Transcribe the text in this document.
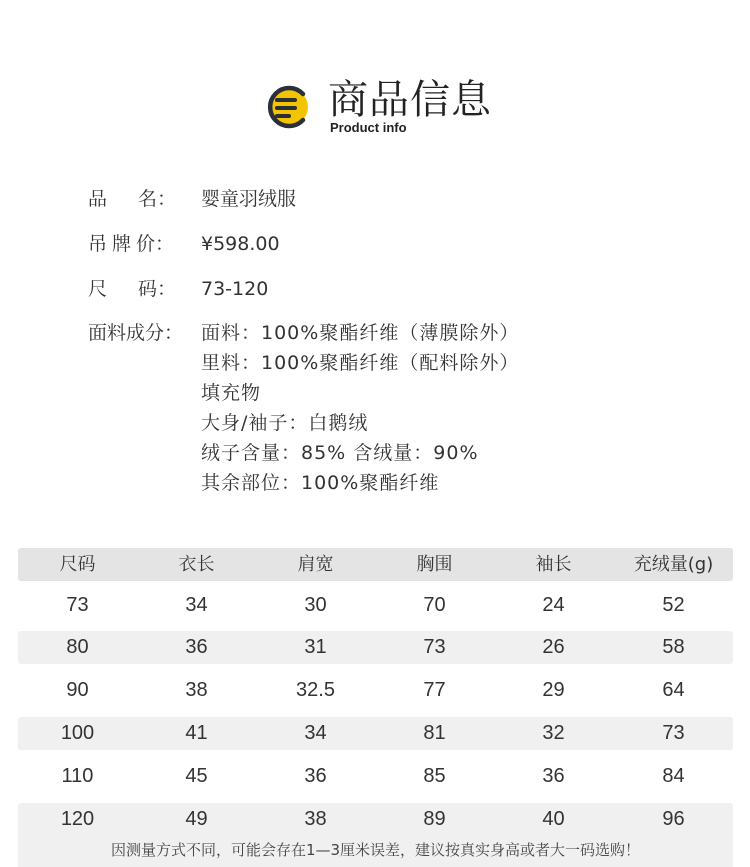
商品信息
Product info
品 名： 婴童羽绒服
吊 牌 价： ¥598.00
尺 码： 73-120
面料成分： 面料：100%聚酯纤维（薄膜除外）
里料：100%聚酯纤维（配料除外）
填充物
大身/袖子：白鹅绒
绒子含量：85% 含绒量：90%
其余部位：100%聚酯纤维
尺码	衣长	肩宽	胸围	袖长	充绒量(g)
73	34	30	70	24	52
80	36	31	73	26	58
90	38	32.5	77	29	64
100	41	34	81	32	73
110	45	36	85	36	84
120	49	38	89	40	96
因测量方式不同，可能会存在1—3厘米误差，建议按真实身高或者大一码选购！
